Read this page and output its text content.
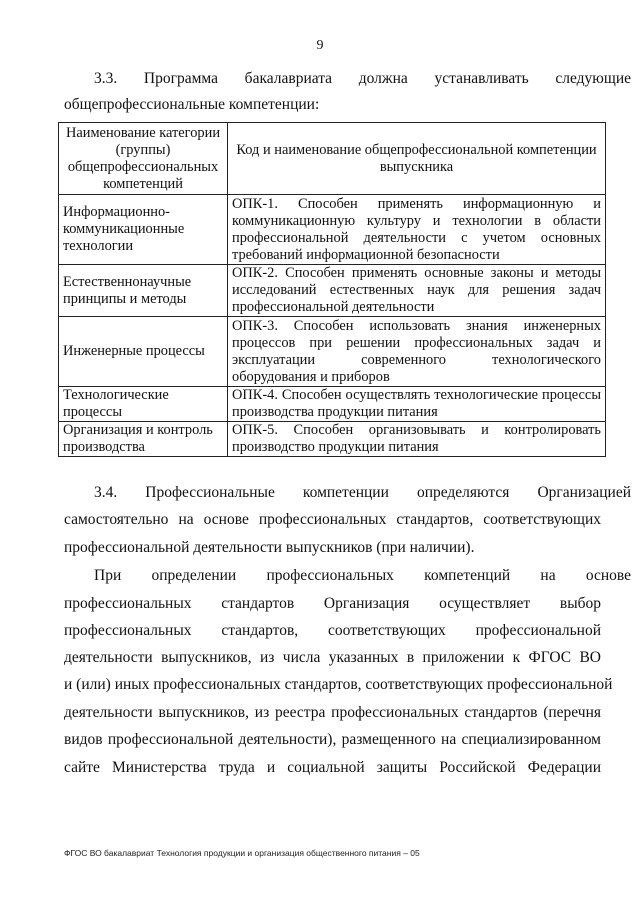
9

3.3.      Программа      бакалавриата      должна      устанавливать      следующие

общепрофессиональные компетенции:

Наименование категории (группы) общепрофессиональных компетенций	Код и наименование общепрофессиональной компетенции выпускника
Информационно-коммуникационные технологии	ОПК-1. Способен применять информационную и коммуникационную культуру и технологии в области профессиональной деятельности с учетом основных требований информационной безопасности
Естественнонаучные принципы и методы	ОПК-2. Способен применять основные законы и методы исследований естественных наук для решения задач профессиональной деятельности
Инженерные процессы	ОПК-3. Способен использовать знания инженерных процессов при решении профессиональных задач и эксплуатации современного технологического оборудования и приборов
Технологические процессы	ОПК-4. Способен осуществлять технологические процессы производства продукции питания
Организация и контроль производства	ОПК-5. Способен организовывать и контролировать производство продукции питания

3.4.    Профессиональные    компетенции    определяются    Организацией

самостоятельно на основе профессиональных стандартов, соответствующих

профессиональной деятельности выпускников (при наличии).

При определении профессиональных компетенций на основе

профессиональных стандартов Организация осуществляет выбор

профессиональных стандартов, соответствующих профессиональной

деятельности выпускников, из числа указанных в приложении к ФГОС ВО

и (или) иных профессиональных стандартов, соответствующих профессиональной

деятельности выпускников, из реестра профессиональных стандартов (перечня

видов профессиональной деятельности), размещенного на специализированном

сайте Министерства труда и социальной защиты Российской Федерации

ФГОС ВО бакалавриат Технология продукции и организация общественного питания – 05
